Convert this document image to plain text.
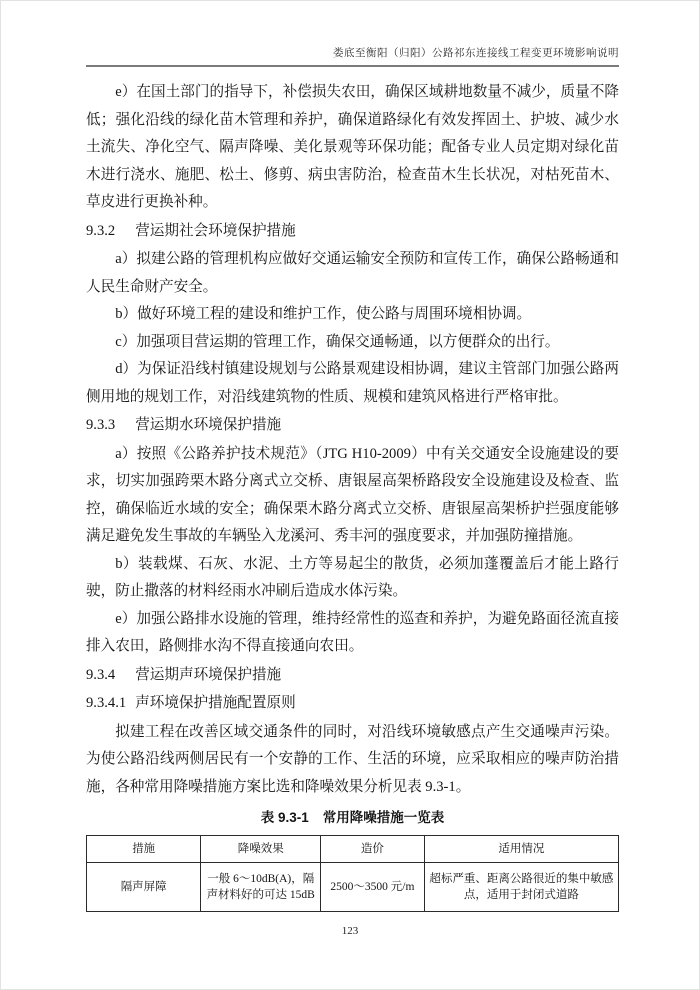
娄底至衡阳（归阳）公路祁东连接线工程变更环境影响说明

e）在国土部门的指导下，补偿损失农田，确保区域耕地数量不减少，质量不降低；强化沿线的绿化苗木管理和养护，确保道路绿化有效发挥固土、护坡、减少水土流失、净化空气、隔声降噪、美化景观等环保功能；配备专业人员定期对绿化苗木进行浇水、施肥、松土、修剪、病虫害防治，检查苗木生长状况，对枯死苗木、草皮进行更换补种。

9.3.2 营运期社会环境保护措施

a）拟建公路的管理机构应做好交通运输安全预防和宣传工作，确保公路畅通和人民生命财产安全。

b）做好环境工程的建设和维护工作，使公路与周围环境相协调。

c）加强项目营运期的管理工作，确保交通畅通，以方便群众的出行。

d）为保证沿线村镇建设规划与公路景观建设相协调，建议主管部门加强公路两侧用地的规划工作，对沿线建筑物的性质、规模和建筑风格进行严格审批。

9.3.3 营运期水环境保护措施

a）按照《公路养护技术规范》（JTG H10-2009）中有关交通安全设施建设的要求，切实加强跨栗木路分离式立交桥、唐银屋高架桥路段安全设施建设及检查、监控，确保临近水域的安全；确保栗木路分离式立交桥、唐银屋高架桥护拦强度能够满足避免发生事故的车辆坠入龙溪河、秀丰河的强度要求，并加强防撞措施。

b）装载煤、石灰、水泥、土方等易起尘的散货，必须加蓬覆盖后才能上路行驶，防止撒落的材料经雨水冲刷后造成水体污染。

e）加强公路排水设施的管理，维持经常性的巡查和养护，为避免路面径流直接排入农田，路侧排水沟不得直接通向农田。

9.3.4 营运期声环境保护措施

9.3.4.1 声环境保护措施配置原则

拟建工程在改善区域交通条件的同时，对沿线环境敏感点产生交通噪声污染。为使公路沿线两侧居民有一个安静的工作、生活的环境，应采取相应的噪声防治措施，各种常用降噪措施方案比选和降噪效果分析见表 9.3-1。

表 9.3-1 常用降噪措施一览表
措施	降噪效果	造价	适用情况
隔声屏障	一般 6～10dB(A)，隔声材料好的可达 15dB	2500～3500 元/m	超标严重、距离公路很近的集中敏感点，适用于封闭式道路
123
